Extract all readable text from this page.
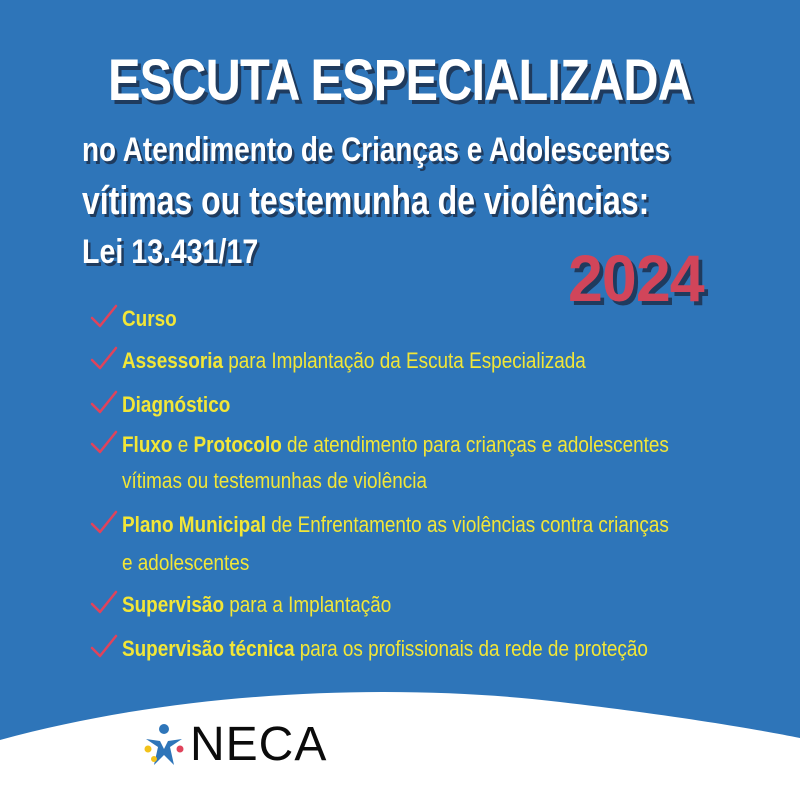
ESCUTA ESPECIALIZADA
no Atendimento de Crianças e Adolescentes
vítimas ou testemunha de violências:
Lei 13.431/17	2024
Curso
Assessoria para Implantação da Escuta Especializada
Diagnóstico
Fluxo e Protocolo de atendimento para crianças e adolescentes
vítimas ou testemunhas de violência
Plano Municipal de Enfrentamento as violências contra crianças
e adolescentes
Supervisão para a Implantação
Supervisão técnica para os profissionais da rede de proteção
NECA
